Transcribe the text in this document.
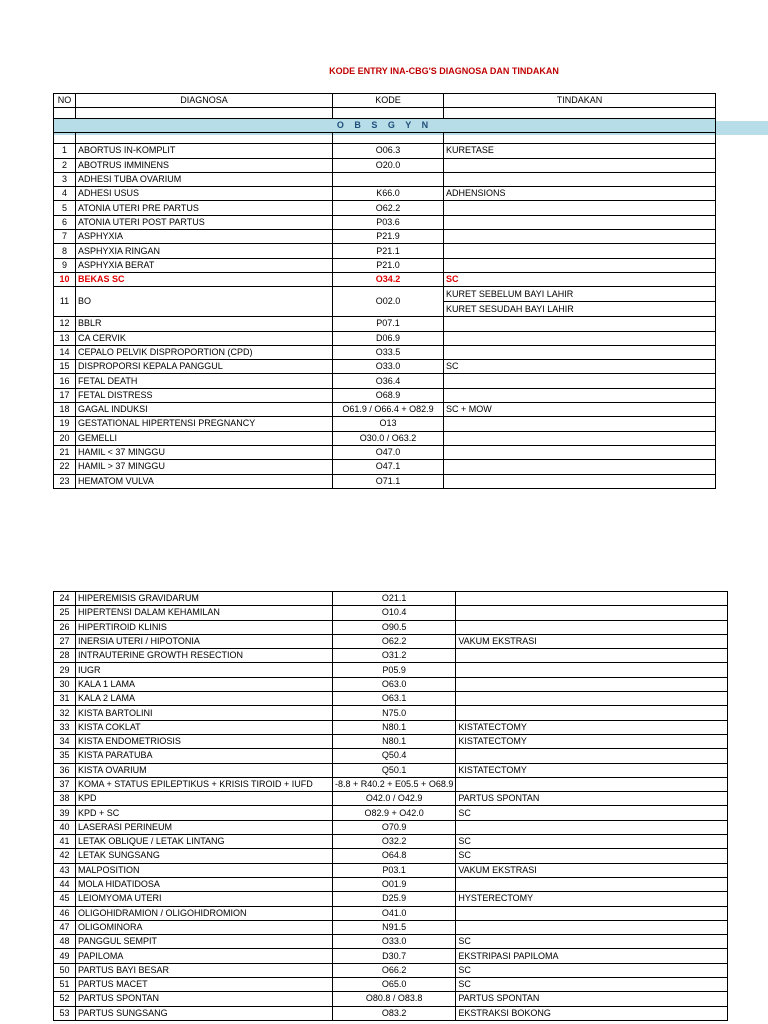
KODE ENTRY INA-CBG'S DIAGNOSA DAN TINDAKAN
NO	DIAGNOSA	KODE	TINDAKAN

O B S G Y N			

1	ABORTUS IN-KOMPLIT	O06.3	KURETASE
2	ABOTRUS IMMINENS	O20.0	
3	ADHESI TUBA OVARIUM		
4	ADHESI USUS	K66.0	ADHENSIONS
5	ATONIA UTERI PRE PARTUS	O62.2	
6	ATONIA UTERI POST PARTUS	P03.6	
7	ASPHYXIA	P21.9	
8	ASPHYXIA RINGAN	P21.1	
9	ASPHYXIA BERAT	P21.0	
10	BEKAS SC	O34.2	SC
11	BO	O02.0	KURET SEBELUM BAYI LAHIR
KURET SESUDAH BAYI LAHIR

12	BBLR	P07.1	
13	CA CERVIK	D06.9	
14	CEPALO PELVIK DISPROPORTION (CPD)	O33.5	
15	DISPROPORSI KEPALA PANGGUL	O33.0	SC
16	FETAL DEATH	O36.4	
17	FETAL DISTRESS	O68.9	
18	GAGAL INDUKSI	O61.9 / O66.4 + O82.9	SC + MOW
19	GESTATIONAL HIPERTENSI PREGNANCY	O13	
20	GEMELLI	O30.0 / O63.2	
21	HAMIL < 37 MINGGU	O47.0	
22	HAMIL > 37 MINGGU	O47.1	
23	HEMATOM VULVA	O71.1	
24	HIPEREMISIS GRAVIDARUM	O21.1	
25	HIPERTENSI DALAM KEHAMILAN	O10.4	
26	HIPERTIROID KLINIS	O90.5	
27	INERSIA UTERI / HIPOTONIA	O62.2	VAKUM EKSTRASI
28	INTRAUTERINE GROWTH RESECTION	O31.2	
29	IUGR	P05.9	
30	KALA 1 LAMA	O63.0	
31	KALA 2 LAMA	O63.1	
32	KISTA BARTOLINI	N75.0	
33	KISTA COKLAT	N80.1	KISTATECTOMY
34	KISTA ENDOMETRIOSIS	N80.1	KISTATECTOMY
35	KISTA PARATUBA	Q50.4	
36	KISTA OVARIUM	Q50.1	KISTATECTOMY
37	KOMA + STATUS EPILEPTIKUS + KRISIS TIROID + IUFD	-8.8 + R40.2 + E05.5 + O68.9	
38	KPD	O42.0 / O42.9	PARTUS SPONTAN
39	KPD + SC	O82.9 + O42.0	SC
40	LASERASI PERINEUM	O70.9	
41	LETAK OBLIQUE / LETAK LINTANG	O32.2	SC
42	LETAK SUNGSANG	O64.8	SC
43	MALPOSITION	P03.1	VAKUM EKSTRASI
44	MOLA HIDATIDOSA	O01.9	
45	LEIOMYOMA UTERI	D25.9	HYSTERECTOMY
46	OLIGOHIDRAMION / OLIGOHIDROMION	O41.0	
47	OLIGOMINORA	N91.5	
48	PANGGUL SEMPIT	O33.0	SC
49	PAPILOMA	D30.7	EKSTRIPASI PAPILOMA
50	PARTUS BAYI BESAR	O66.2	SC
51	PARTUS MACET	O65.0	SC
52	PARTUS SPONTAN	O80.8 / O83.8	PARTUS SPONTAN
53	PARTUS SUNGSANG	O83.2	EKSTRAKSI BOKONG
